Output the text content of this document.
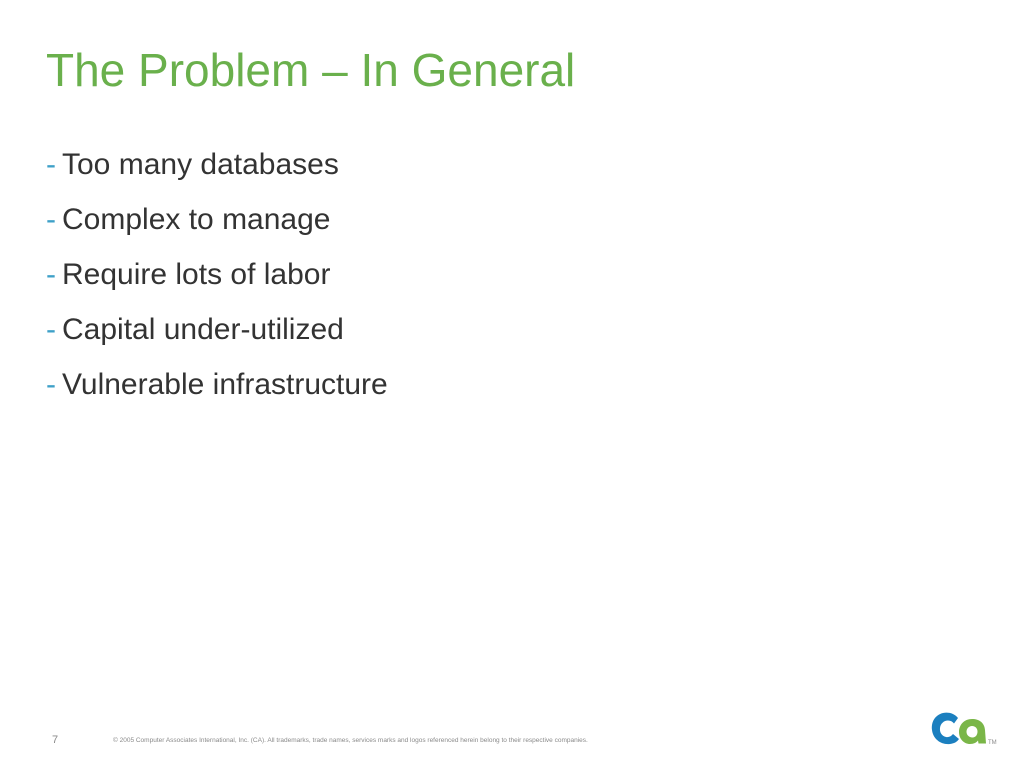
The Problem – In General
- Too many databases
- Complex to manage
- Require lots of labor
- Capital under-utilized
- Vulnerable infrastructure
7	© 2005 Computer Associates International, Inc. (CA). All trademarks, trade names, services marks and logos referenced herein belong to their respective companies.	TM
